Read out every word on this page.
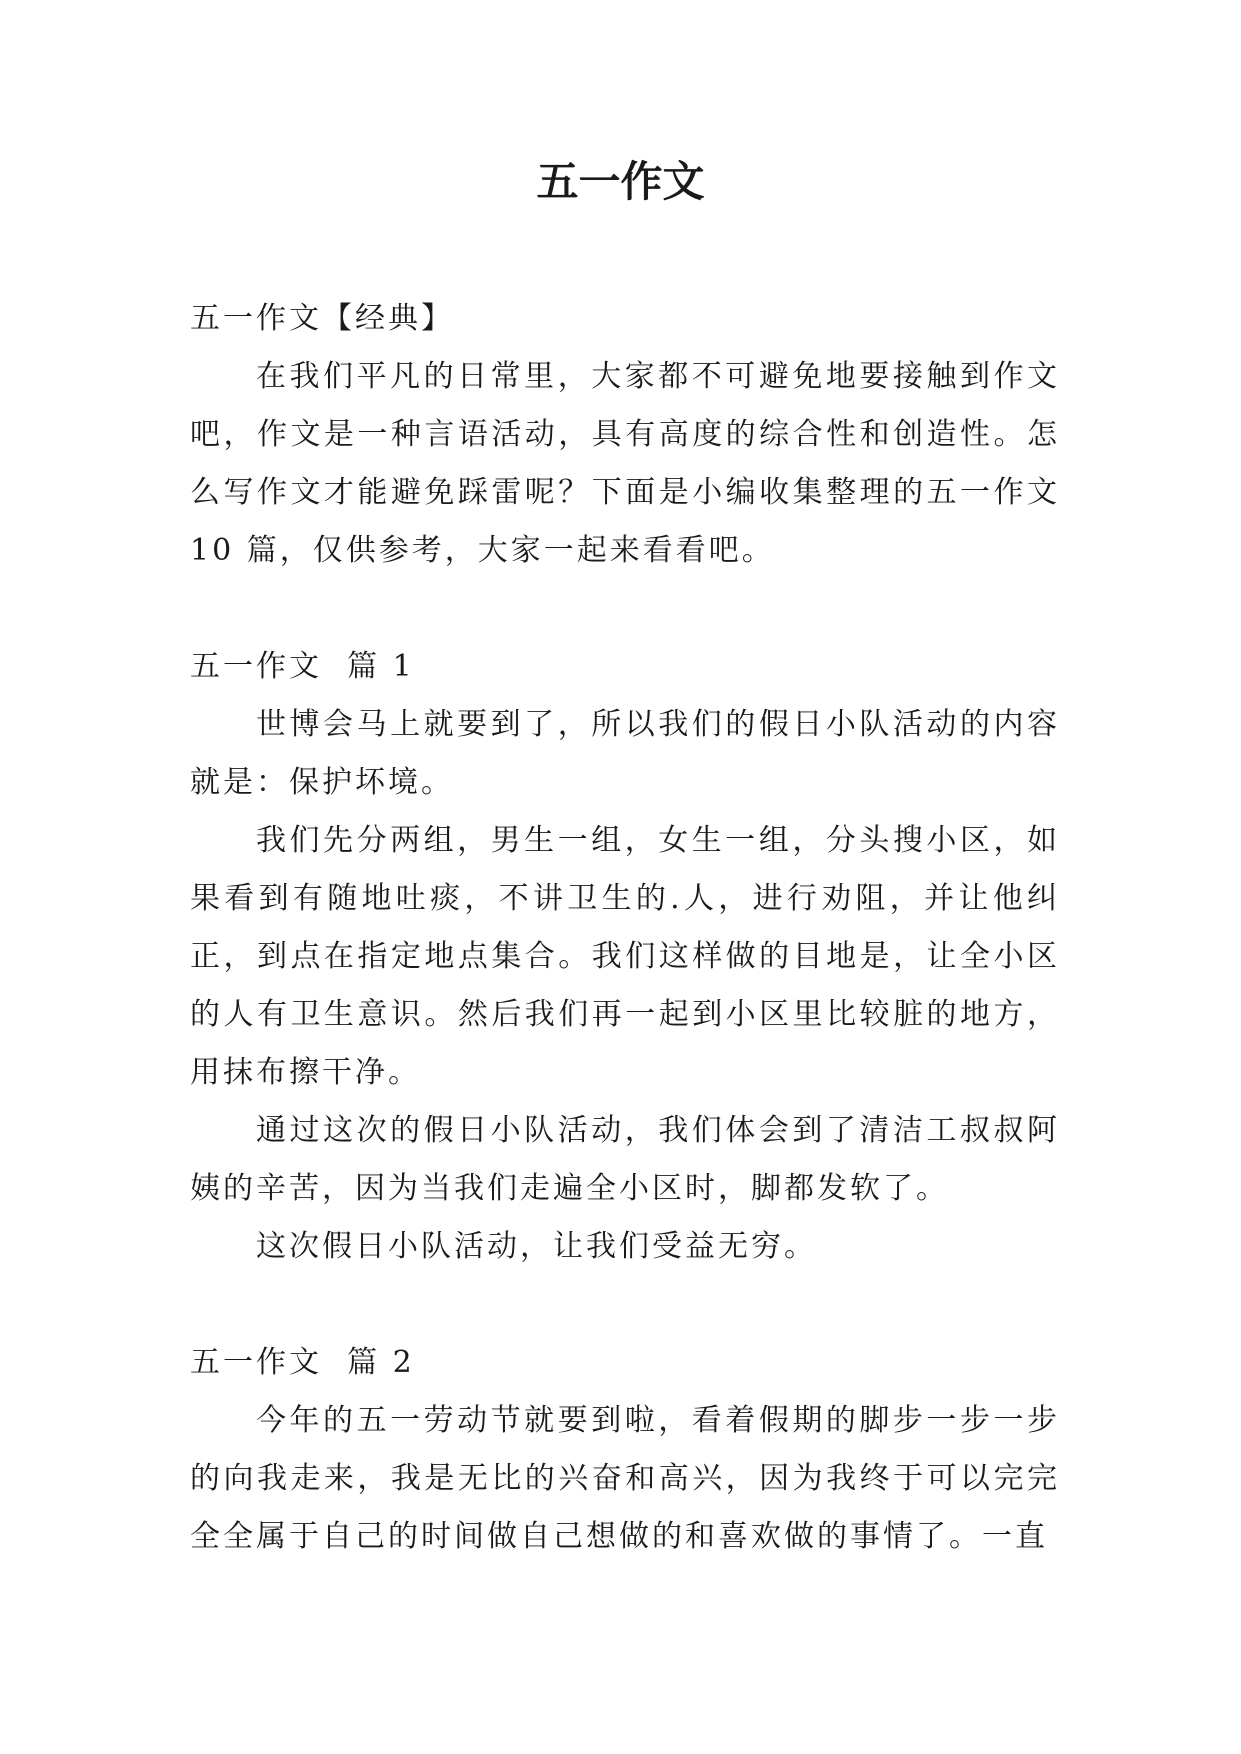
五一作文

五一作文【经典】

在我们平凡的日常里，大家都不可避免地要接触到作文吧，作文是一种言语活动，具有高度的综合性和创造性。怎么写作文才能避免踩雷呢？下面是小编收集整理的五一作文 10 篇，仅供参考，大家一起来看看吧。

五一作文  篇 1

世博会马上就要到了，所以我们的假日小队活动的内容就是：保护坏境。

我们先分两组，男生一组，女生一组，分头搜小区，如果看到有随地吐痰，不讲卫生的.人，进行劝阻，并让他纠正，到点在指定地点集合。我们这样做的目地是，让全小区的人有卫生意识。然后我们再一起到小区里比较脏的地方，用抹布擦干净。

通过这次的假日小队活动，我们体会到了清洁工叔叔阿姨的辛苦，因为当我们走遍全小区时，脚都发软了。

这次假日小队活动，让我们受益无穷。

五一作文  篇 2

今年的五一劳动节就要到啦，看着假期的脚步一步一步的向我走来，我是无比的兴奋和高兴，因为我终于可以完完全全属于自己的时间做自己想做的和喜欢做的事情了。一直
